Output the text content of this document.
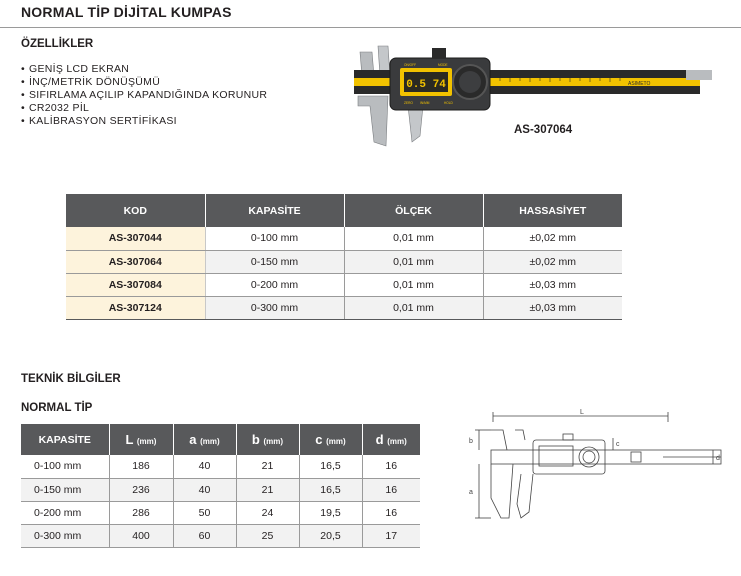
NORMAL TİP DİJİTAL KUMPAS
ÖZELLİKLER
• GENİŞ LCD EKRAN
• İNÇ/METRİK DÖNÜŞÜMÜ
• SIFIRLAMA AÇILIP KAPANDIĞINDA KORUNUR
• CR2032 PİL
• KALİBRASYON SERTİFİKASI
ASIMETO
0.5 74
ON/OFF	MODE
ZERO IN/MM	HOLD
AS-307064
KOD	KAPASİTE	ÖLÇEK	HASSASİYET
AS-307044	0-100 mm	0,01 mm	±0,02 mm
AS-307064	0-150 mm	0,01 mm	±0,02 mm
AS-307084	0-200 mm	0,01 mm	±0,03 mm
AS-307124	0-300 mm	0,01 mm	±0,03 mm
TEKNİK BİLGİLER
NORMAL TİP
KAPASİTE	L (mm)	a (mm)	b (mm)	c (mm)	d (mm)
0-100 mm	186	40	21	16,5	16
0-150 mm	236	40	21	16,5	16
0-200 mm	286	50	24	19,5	16
0-300 mm	400	60	25	20,5	17
L
a
b	c
d
